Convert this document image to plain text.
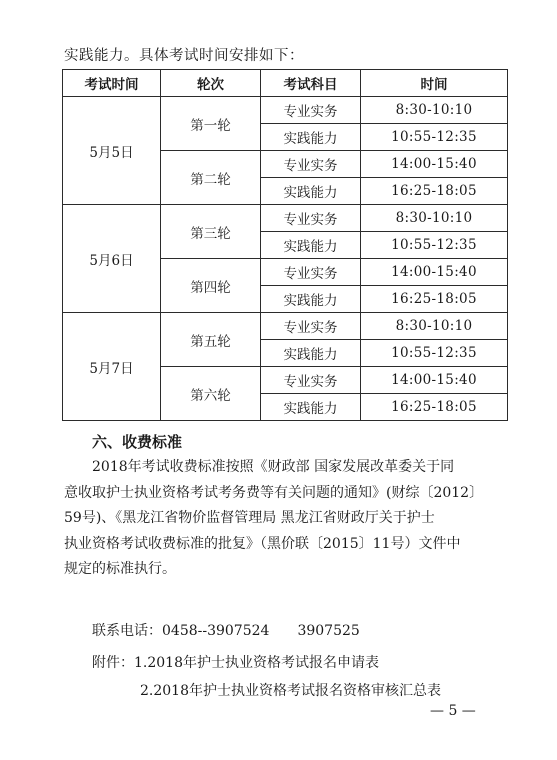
实践能力。具体考试时间安排如下：
考试时间	轮次	考试科目	时间
5月5日	第一轮	专业实务	8:30-10:10
		实践能力	10:55-12:35
	第二轮	专业实务	14:00-15:40
		实践能力	16:25-18:05
5月6日	第三轮	专业实务	8:30-10:10
		实践能力	10:55-12:35
	第四轮	专业实务	14:00-15:40
		实践能力	16:25-18:05
5月7日	第五轮	专业实务	8:30-10:10
		实践能力	10:55-12:35
	第六轮	专业实务	14:00-15:40
		实践能力	16:25-18:05
六、收费标准
　　2018年考试收费标准按照《财政部 国家发展改革委关于同
意收取护士执业资格考试考务费等有关问题的通知》(财综〔2012〕
59号)、《黑龙江省物价监督管理局 黑龙江省财政厅关于护士
执业资格考试收费标准的批复》（黑价联〔2015〕11号）文件中
规定的标准执行。
联系电话：0458--3907524　　3907525
附件：1.2018年护士执业资格考试报名申请表
2.2018年护士执业资格考试报名资格审核汇总表
— 5 —
